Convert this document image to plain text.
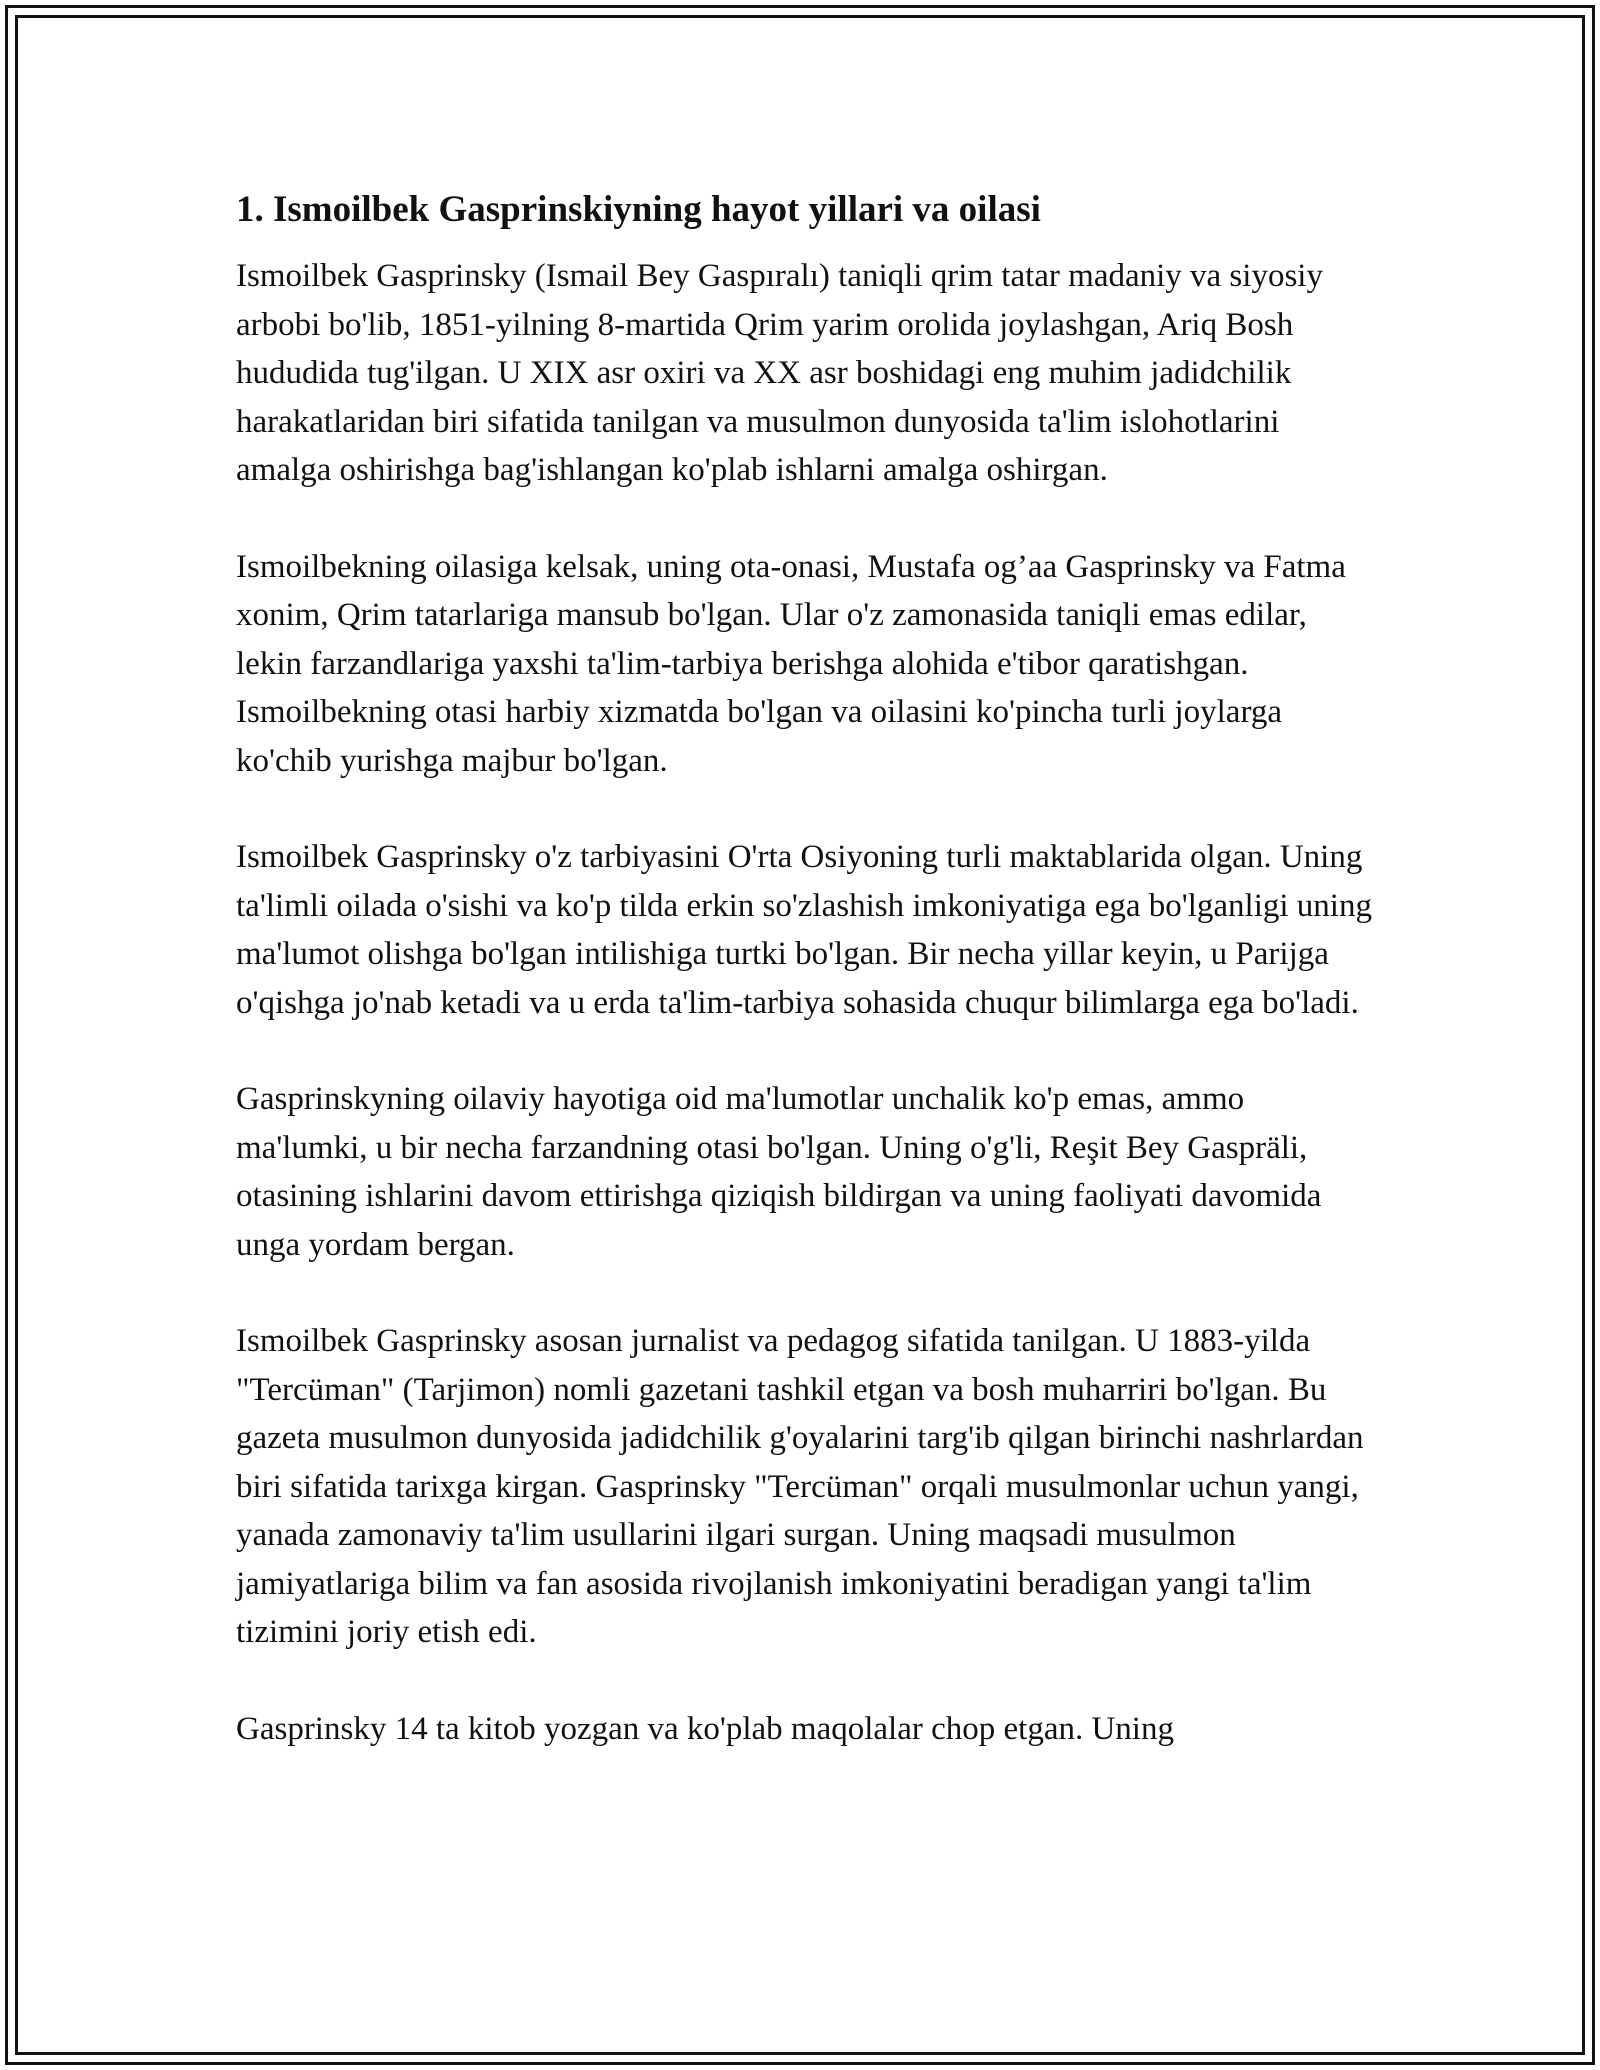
1. Ismoilbek Gasprinskiyning hayot yillari va oilasi

Ismoilbek Gasprinsky (Ismail Bey Gaspıralı) taniqli qrim tatar madaniy va siyosiy arbobi bo'lib, 1851-yilning 8-martida Qrim yarim orolida joylashgan, Ariq Bosh hududida tug'ilgan. U XIX asr oxiri va XX asr boshidagi eng muhim jadidchilik harakatlaridan biri sifatida tanilgan va musulmon dunyosida ta'lim islohotlarini amalga oshirishga bag'ishlangan ko'plab ishlarni amalga oshirgan.

Ismoilbekning oilasiga kelsak, uning ota-onasi, Mustafa og’aa Gasprinsky va Fatma xonim, Qrim tatarlariga mansub bo'lgan. Ular o'z zamonasida taniqli emas edilar, lekin farzandlariga yaxshi ta'lim-tarbiya berishga alohida e'tibor qaratishgan. Ismoilbekning otasi harbiy xizmatda bo'lgan va oilasini ko'pincha turli joylarga ko'chib yurishga majbur bo'lgan.

Ismoilbek Gasprinsky o'z tarbiyasini O'rta Osiyoning turli maktablarida olgan. Uning ta'limli oilada o'sishi va ko'p tilda erkin so'zlashish imkoniyatiga ega bo'lganligi uning ma'lumot olishga bo'lgan intilishiga turtki bo'lgan. Bir necha yillar keyin, u Parijga o'qishga jo'nab ketadi va u erda ta'lim-tarbiya sohasida chuqur bilimlarga ega bo'ladi.

Gasprinskyning oilaviy hayotiga oid ma'lumotlar unchalik ko'p emas, ammo ma'lumki, u bir necha farzandning otasi bo'lgan. Uning o'g'li, Reşit Bey Gaspräli, otasining ishlarini davom ettirishga qiziqish bildirgan va uning faoliyati davomida unga yordam bergan.

Ismoilbek Gasprinsky asosan jurnalist va pedagog sifatida tanilgan. U 1883-yilda "Tercüman" (Tarjimon) nomli gazetani tashkil etgan va bosh muharriri bo'lgan. Bu gazeta musulmon dunyosida jadidchilik g'oyalarini targ'ib qilgan birinchi nashrlardan biri sifatida tarixga kirgan. Gasprinsky "Tercüman" orqali musulmonlar uchun yangi, yanada zamonaviy ta'lim usullarini ilgari surgan. Uning maqsadi musulmon jamiyatlariga bilim va fan asosida rivojlanish imkoniyatini beradigan yangi ta'lim tizimini joriy etish edi.

Gasprinsky 14 ta kitob yozgan va ko'plab maqolalar chop etgan. Uning
